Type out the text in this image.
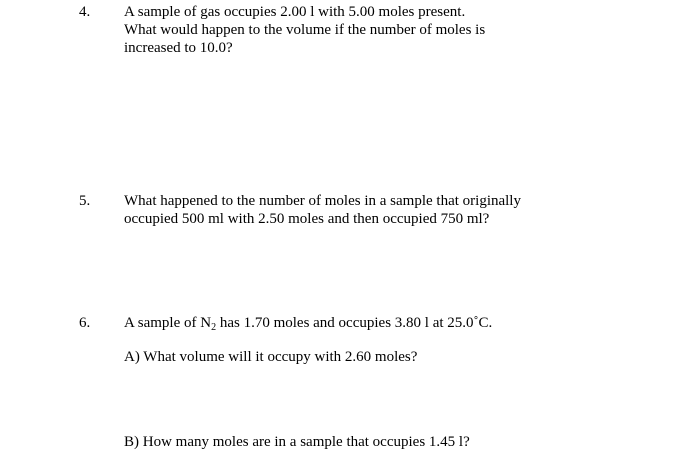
4. A sample of gas occupies 2.00 l with 5.00 moles present.
What would happen to the volume if the number of moles is
increased to 10.0?
5. What happened to the number of moles in a sample that originally
occupied 500 ml with 2.50 moles and then occupied 750 ml?
6. A sample of $N_2$ has 1.70 moles and occupies 3.80 l at 25.0˚C.
A) What volume will it occupy with 2.60 moles?
B) How many moles are in a sample that occupies 1.45 l?
